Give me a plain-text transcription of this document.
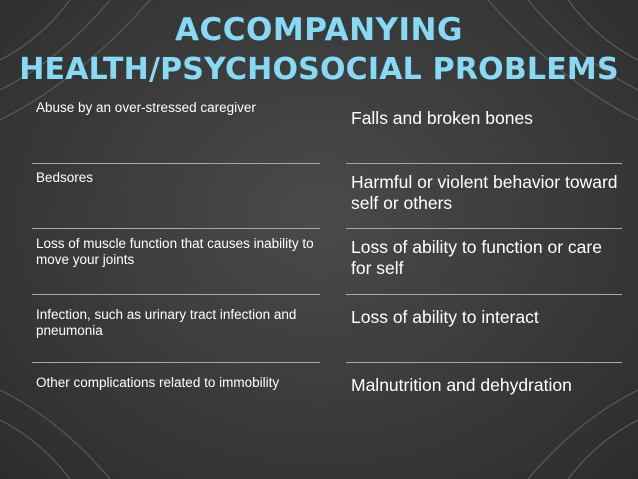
ACCOMPANYING
HEALTH/PSYCHOSOCIAL PROBLEMS
Abuse by an over-stressed caregiver
Falls and broken bones
Bedsores	Harmful or violent behavior toward self or others
Loss of muscle function that causes inability to move your joints
Loss of ability to function or care for self
Infection, such as urinary tract infection and pneumonia
Loss of ability to interact
Other complications related to immobility	Malnutrition and dehydration
